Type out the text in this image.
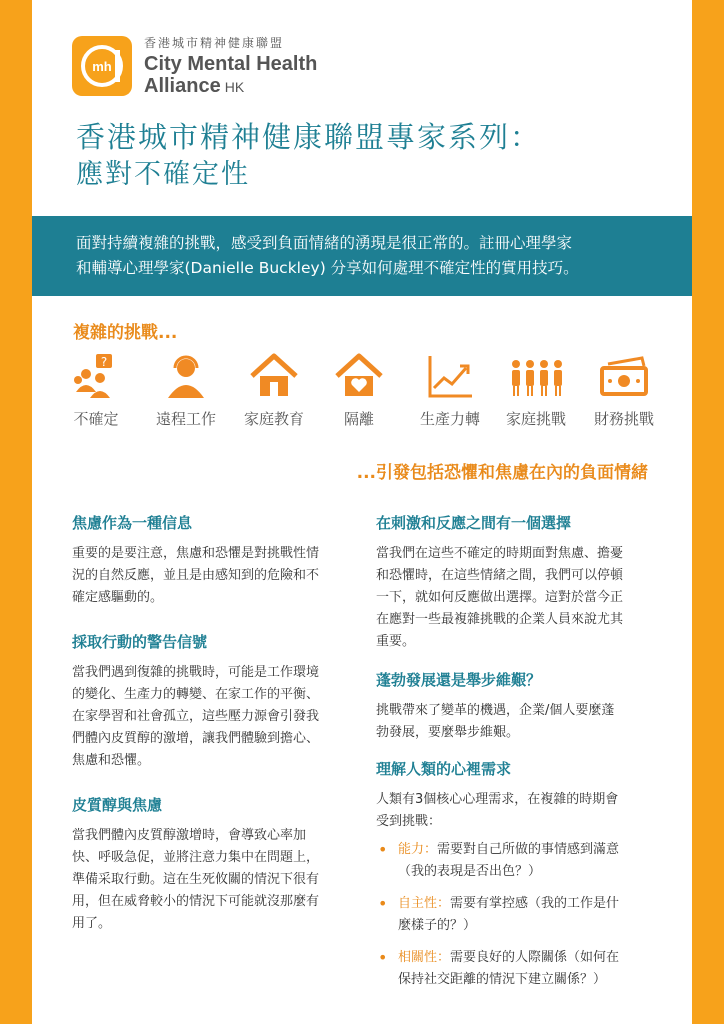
mh
香港城市精神健康聯盟
City Mental Health
Alliance HK
香港城市精神健康聯盟專家系列：
應對不確定性
面對持續複雜的挑戰，感受到負面情緒的湧現是很正常的。註冊心理學家
和輔導心理學家(Danielle Buckley) 分享如何處理不確定性的實用技巧。
複雜的挑戰...
?
不確定	遠程工作	家庭教育	隔離	生產力轉	家庭挑戰	財務挑戰
...引發包括恐懼和焦慮在內的負面情緒
焦慮作為一種信息

重要的是要注意，焦慮和恐懼是對挑戰性情
況的自然反應，並且是由感知到的危險和不
確定感驅動的。

採取行動的警告信號

當我們遇到復雜的挑戰時，可能是工作環境
的變化、生產力的轉變、在家工作的平衡、
在家學習和社會孤立，這些壓力源會引發我
們體內皮質醇的激增，讓我們體驗到擔心、
焦慮和恐懼。

皮質醇與焦慮

當我們體內皮質醇激增時，會導致心率加
快、呼吸急促，並將注意力集中在問題上，
準備采取行動。這在生死攸關的情況下很有
用，但在威脅較小的情況下可能就沒那麼有
用了。

在刺激和反應之間有一個選擇

當我們在這些不確定的時期面對焦慮、擔憂
和恐懼時，在這些情緒之間，我們可以停頓
一下，就如何反應做出選擇。這對於當今正
在應對一些最複雜挑戰的企業人員來說尤其
重要。

蓬勃發展還是舉步維艱？

挑戰帶來了變革的機遇，企業/個人要麼蓬
勃發展，要麼舉步維艱。

理解人類的心裡需求

人類有3個核心心理需求，在複雜的時期會
受到挑戰：

• 能力：需要對自己所做的事情感到滿意
（我的表現是否出色？）
• 自主性：需要有掌控感（我的工作是什
麼樣子的？）
• 相關性：需要良好的人際關係（如何在
保持社交距離的情況下建立關係？）
